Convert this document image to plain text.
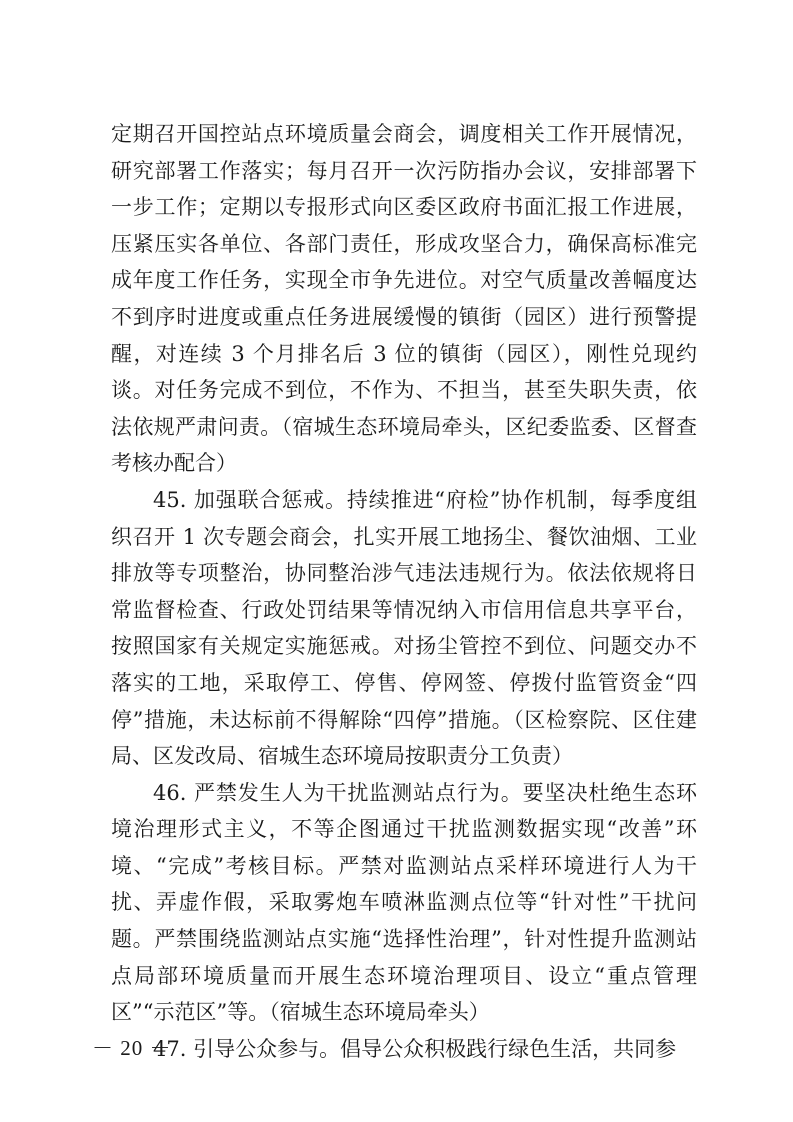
定期召开国控站点环境质量会商会，调度相关工作开展情况，研究部署工作落实；每月召开一次污防指办会议，安排部署下一步工作；定期以专报形式向区委区政府书面汇报工作进展，压紧压实各单位、各部门责任，形成攻坚合力，确保高标准完成年度工作任务，实现全市争先进位。对空气质量改善幅度达不到序时进度或重点任务进展缓慢的镇街（园区）进行预警提醒，对连续 3 个月排名后 3 位的镇街（园区），刚性兑现约谈。对任务完成不到位，不作为、不担当，甚至失职失责，依法依规严肃问责。（宿城生态环境局牵头，区纪委监委、区督查考核办配合）

45. 加强联合惩戒。持续推进“府检”协作机制，每季度组织召开 1 次专题会商会，扎实开展工地扬尘、餐饮油烟、工业排放等专项整治，协同整治涉气违法违规行为。依法依规将日常监督检查、行政处罚结果等情况纳入市信用信息共享平台，按照国家有关规定实施惩戒。对扬尘管控不到位、问题交办不落实的工地，采取停工、停售、停网签、停拨付监管资金“四停”措施，未达标前不得解除“四停”措施。（区检察院、区住建局、区发改局、宿城生态环境局按职责分工负责）

46. 严禁发生人为干扰监测站点行为。要坚决杜绝生态环境治理形式主义，不等企图通过干扰监测数据实现“改善”环境、“完成”考核目标。严禁对监测站点采样环境进行人为干扰、弄虚作假，采取雾炮车喷淋监测点位等“针对性”干扰问题。严禁围绕监测站点实施“选择性治理”，针对性提升监测站点局部环境质量而开展生态环境治理项目、设立“重点管理区”“示范区”等。（宿城生态环境局牵头）

47. 引导公众参与。倡导公众积极践行绿色生活，共同参

－ 20 －
